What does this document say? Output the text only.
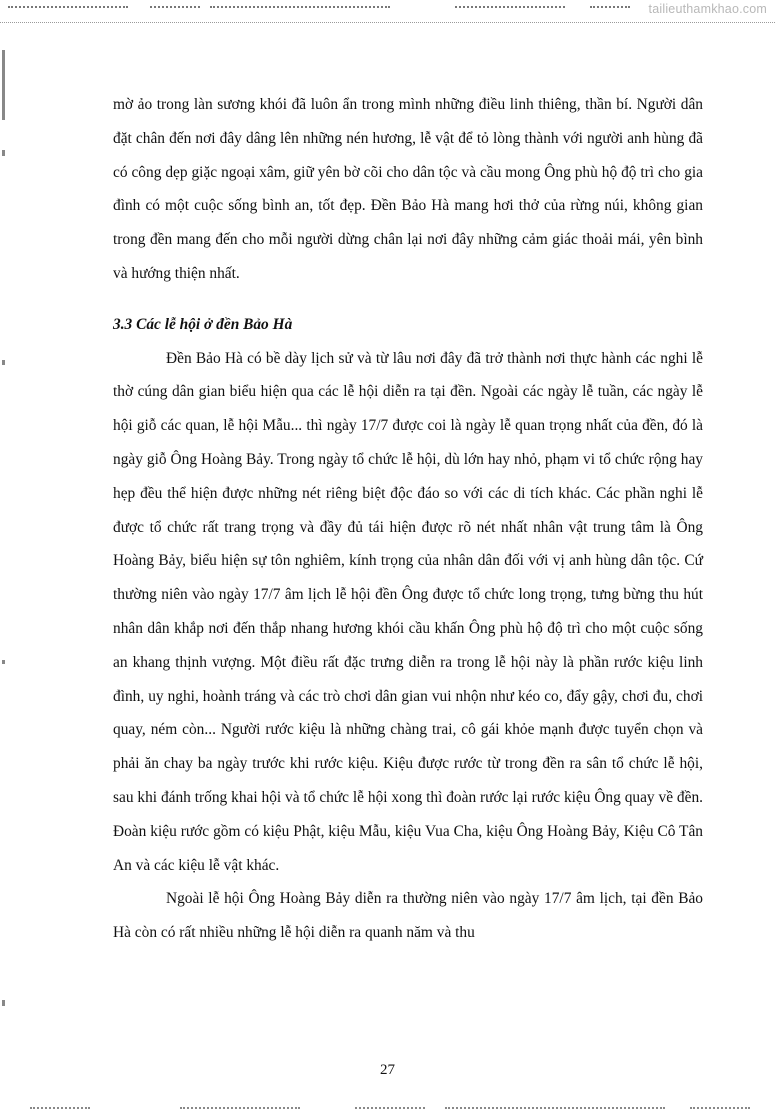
tailieuthamkhao.com

mờ ảo trong làn sương khói đã luôn ẩn trong mình những điều linh thiêng, thần bí. Người dân đặt chân đến nơi đây dâng lên những nén hương, lễ vật để tỏ lòng thành với người anh hùng đã có công dẹp giặc ngoại xâm, giữ yên bờ cõi cho dân tộc và cầu mong Ông phù hộ độ trì cho gia đình có một cuộc sống bình an, tốt đẹp. Đền Bảo Hà mang hơi thở của rừng núi, không gian trong đền mang đến cho mỗi người dừng chân lại nơi đây những cảm giác thoải mái, yên bình và hướng thiện nhất.

3.3 Các lễ hội ở đền Bảo Hà

Đền Bảo Hà có bề dày lịch sử và từ lâu nơi đây đã trở thành nơi thực hành các nghi lễ thờ cúng dân gian biểu hiện qua các lễ hội diễn ra tại đền. Ngoài các ngày lễ tuần, các ngày lễ hội giỗ các quan, lễ hội Mẫu... thì ngày 17/7 được coi là ngày lễ quan trọng nhất của đền, đó là ngày giỗ Ông Hoàng Bảy. Trong ngày tổ chức lễ hội, dù lớn hay nhỏ, phạm vi tổ chức rộng hay hẹp đều thể hiện được những nét riêng biệt độc đáo so với các di tích khác. Các phần nghi lễ được tổ chức rất trang trọng và đầy đủ tái hiện được rõ nét nhất nhân vật trung tâm là Ông Hoàng Bảy, biểu hiện sự tôn nghiêm, kính trọng của nhân dân đối với vị anh hùng dân tộc. Cứ thường niên vào ngày 17/7 âm lịch lễ hội đền Ông được tổ chức long trọng, tưng bừng thu hút nhân dân khắp nơi đến thắp nhang hương khói cầu khấn Ông phù hộ độ trì cho một cuộc sống an khang thịnh vượng. Một điều rất đặc trưng diễn ra trong lễ hội này là phần rước kiệu linh đình, uy nghi, hoành tráng và các trò chơi dân gian vui nhộn như kéo co, đẩy gậy, chơi đu, chơi quay, ném còn... Người rước kiệu là những chàng trai, cô gái khỏe mạnh được tuyển chọn và phải ăn chay ba ngày trước khi rước kiệu. Kiệu được rước từ trong đền ra sân tổ chức lễ hội, sau khi đánh trống khai hội và tổ chức lễ hội xong thì đoàn rước lại rước kiệu Ông quay về đền. Đoàn kiệu rước gồm có kiệu Phật, kiệu Mẫu, kiệu Vua Cha, kiệu Ông Hoàng Bảy, Kiệu Cô Tân An và các kiệu lễ vật khác.

Ngoài lễ hội Ông Hoàng Bảy diễn ra thường niên vào ngày 17/7 âm lịch, tại đền Bảo Hà còn có rất nhiều những lễ hội diễn ra quanh năm và thu

27
